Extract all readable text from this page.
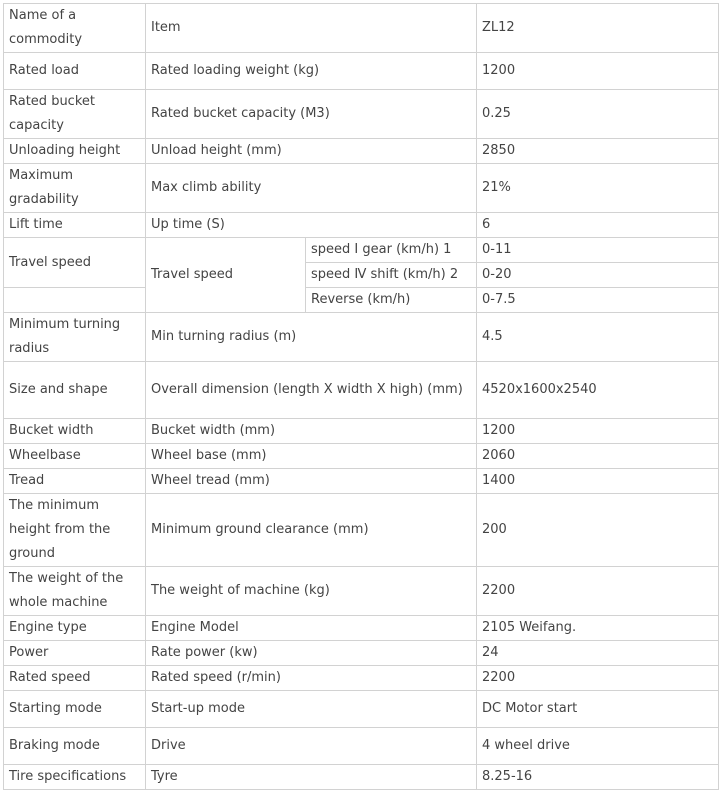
Name of a commodity	Item		ZL12
Rated load	Rated loading weight (kg)		1200
Rated bucket capacity	Rated bucket capacity (M3)		0.25
Unloading height	Unload height (mm)		2850
Maximum gradability	Max climb ability		21%
Lift time	Up time (S)		6
Travel speed	Travel speed	speed I gear (km/h) 1	0-11
		speed Ⅳ shift (km/h) 2	0-20
		Reverse (km/h)	0-7.5
Minimum turning radius	Min turning radius (m)		4.5
Size and shape	Overall dimension (length X width X high) (mm)		4520x1600x2540
Bucket width	Bucket width (mm)		1200
Wheelbase	Wheel base (mm)		2060
Tread	Wheel tread (mm)		1400
The minimum height from the ground	Minimum ground clearance (mm)		200
The weight of the whole machine	The weight of machine (kg)		2200
Engine type	Engine Model		2105 Weifang.
Power	Rate power (kw)		24
Rated speed	Rated speed (r/min)		2200
Starting mode	Start-up mode		DC Motor start
Braking mode	Drive		4 wheel drive
Tire specifications	Tyre		8.25-16
